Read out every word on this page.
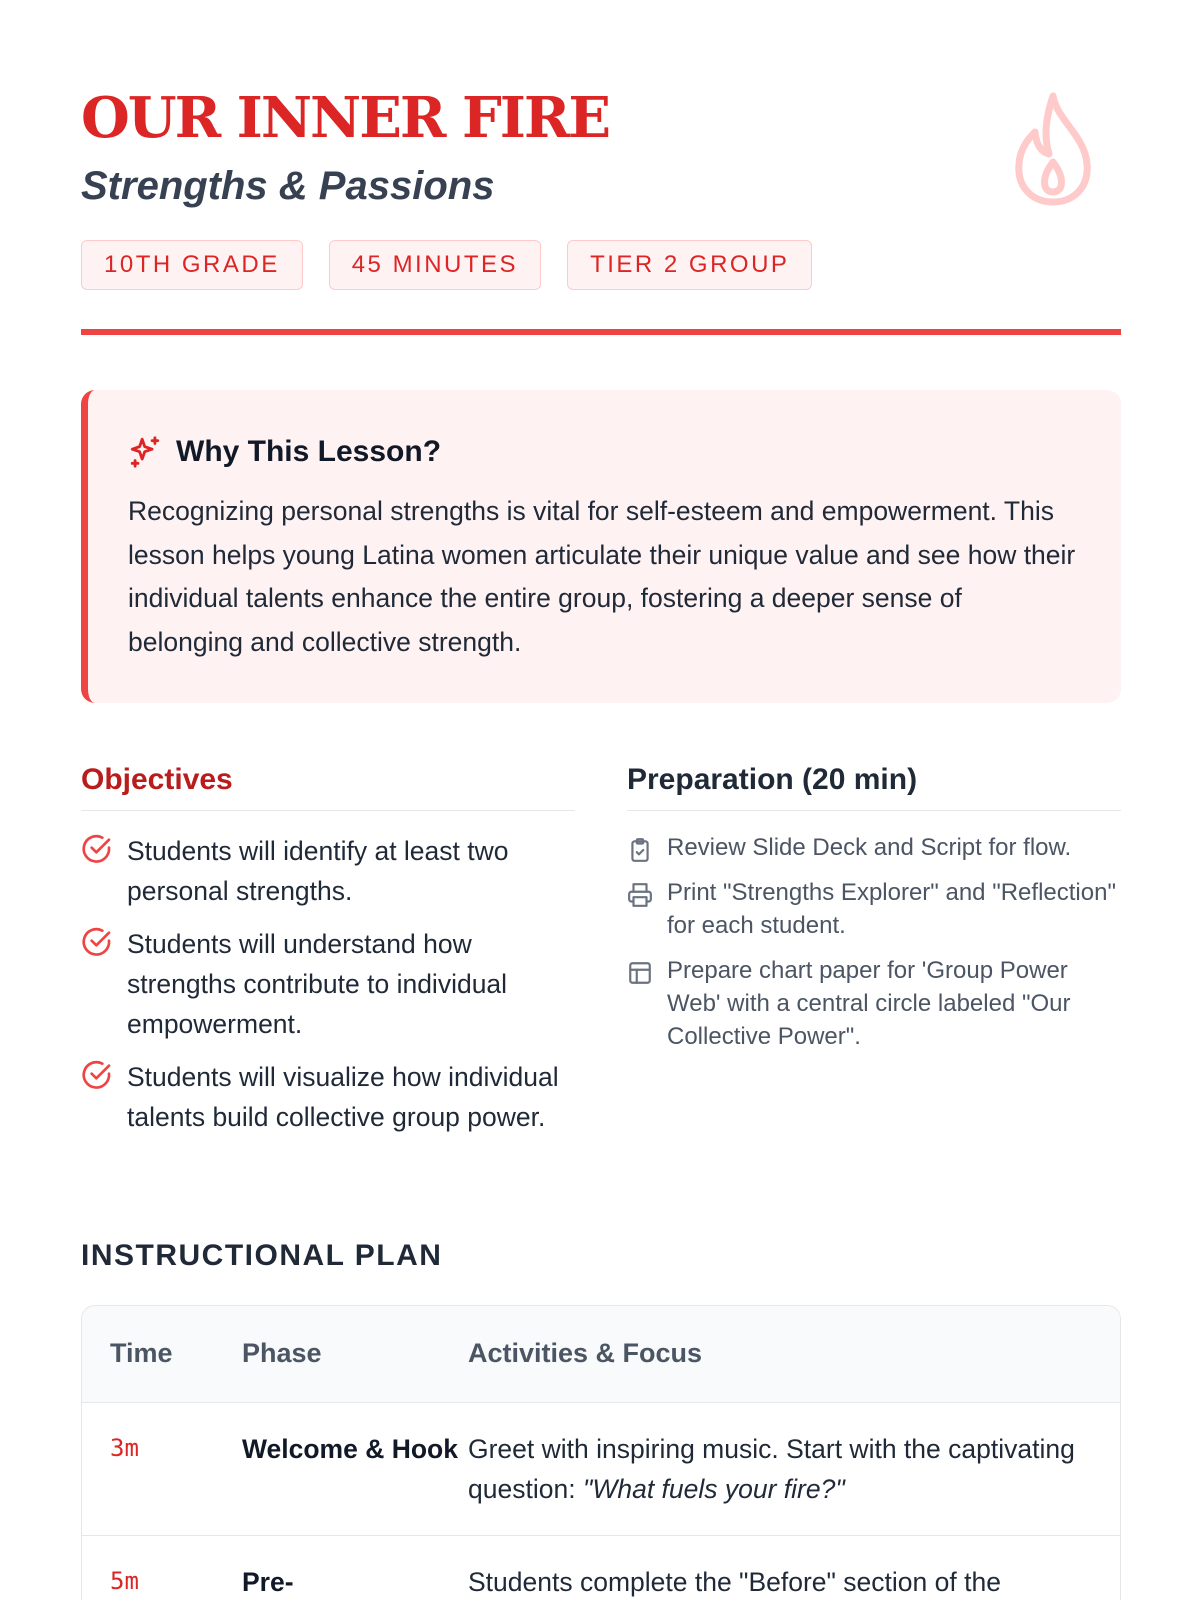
OUR INNER FIRE
Strengths & Passions
10TH GRADE	45 MINUTES	TIER 2 GROUP
Why This Lesson?

Recognizing personal strengths is vital for self-esteem and empowerment. This lesson helps young Latina women articulate their unique value and see how their individual talents enhance the entire group, fostering a deeper sense of belonging and collective strength.

Objectives
Students will identify at least two personal strengths.
Students will understand how strengths contribute to individual empowerment.
Students will visualize how individual talents build collective group power.
Preparation (20 min)
Review Slide Deck and Script for flow.
Print "Strengths Explorer" and "Reflection" for each student.
Prepare chart paper for 'Group Power Web' with a central circle labeled "Our Collective Power".
INSTRUCTIONAL PLAN
Time	Phase	Activities & Focus
3m	Welcome & Hook	Greet with inspiring music. Start with the captivating question: "What fuels your fire?"

5m	Pre-	Students complete the "Before" section of the
